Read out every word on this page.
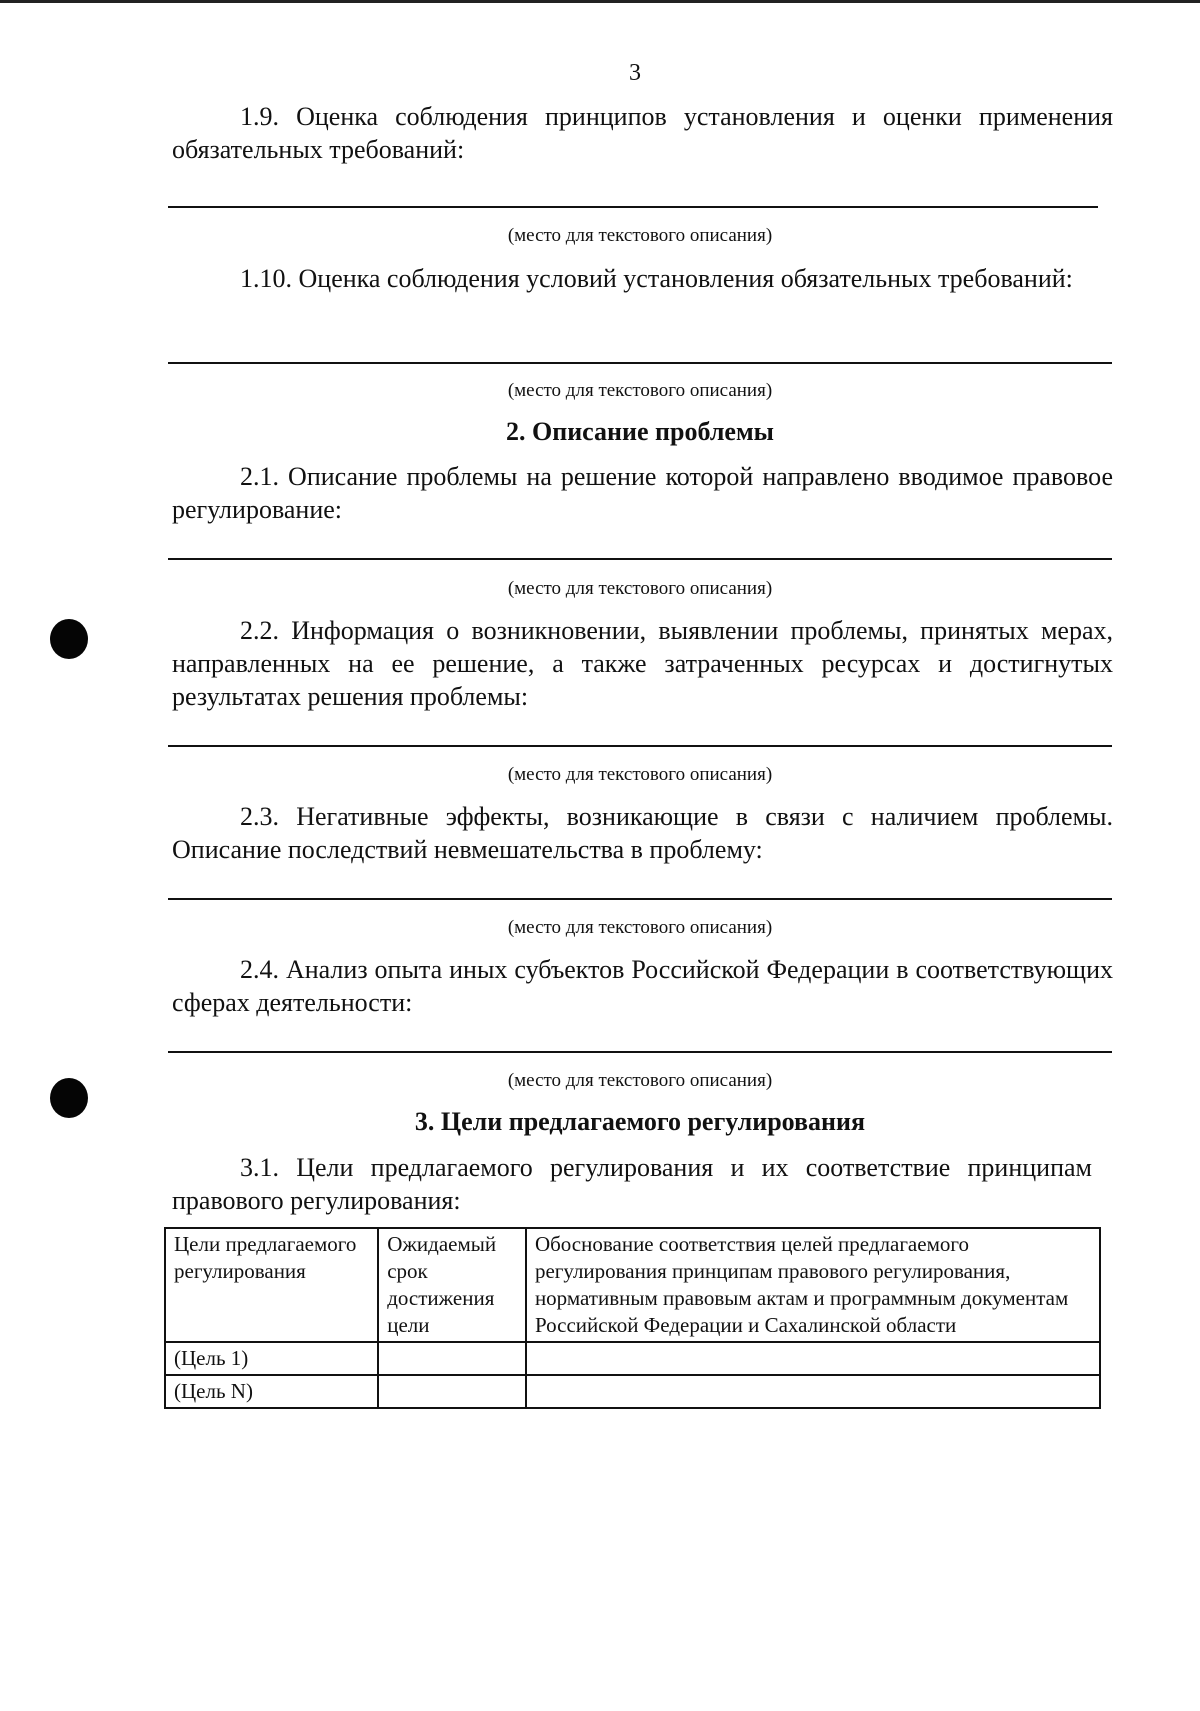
3

1.9. Оценка соблюдения принципов установления и оценки применения обязательных требований:

(место для текстового описания)

1.10. Оценка соблюдения условий установления обязательных требований:

(место для текстового описания)
2. Описание проблемы

2.1. Описание проблемы на решение которой направлено вводимое правовое регулирование:

(место для текстового описания)

2.2. Информация о возникновении, выявлении проблемы, принятых мерах, направленных на ее решение, а также затраченных ресурсах и достигнутых результатах решения проблемы:

(место для текстового описания)

2.3. Негативные эффекты, возникающие в связи с наличием проблемы. Описание последствий невмешательства в проблему:

(место для текстового описания)

2.4. Анализ опыта иных субъектов Российской Федерации в соответствующих сферах деятельности:

(место для текстового описания)
3. Цели предлагаемого регулирования

3.1. Цели предлагаемого регулирования и их соответствие принципам правового регулирования:

Цели предлагаемого регулирования	Ожидаемый срок достижения цели	Обоснование соответствия целей предлагаемого регулирования принципам правового регулирования, нормативным правовым актам и программным документам Российской Федерации и Сахалинской области
(Цель 1)		
(Цель N)		
